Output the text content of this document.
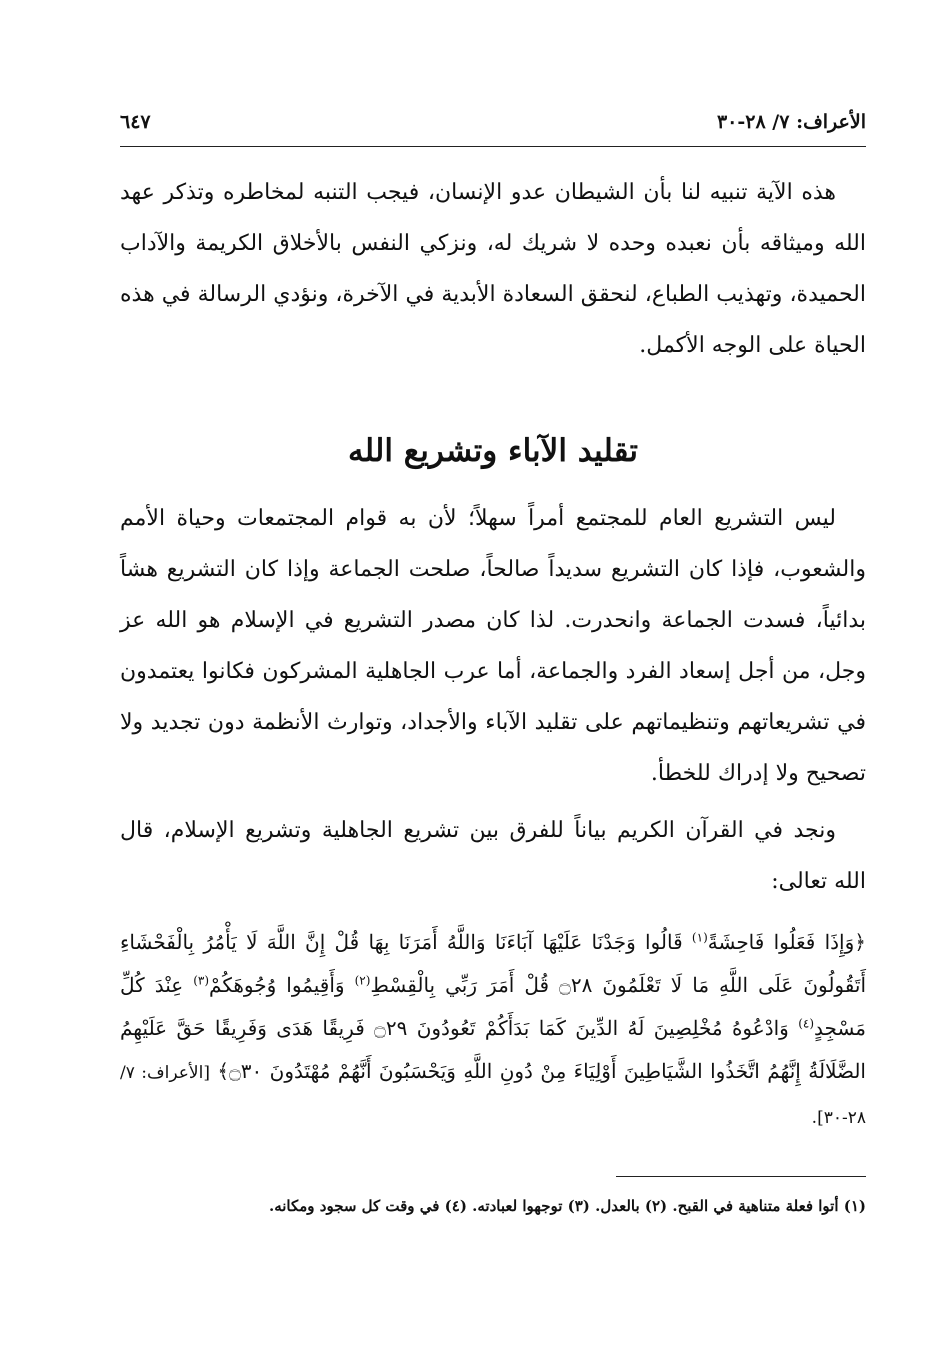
الأعراف: ٧/ ٢٨-٣٠
٦٤٧

هذه الآية تنبيه لنا بأن الشيطان عدو الإنسان، فيجب التنبه لمخاطره وتذكر عهد الله وميثاقه بأن نعبده وحده لا شريك له، ونزكي النفس بالأخلاق الكريمة والآداب الحميدة، وتهذيب الطباع، لنحقق السعادة الأبدية في الآخرة، ونؤدي الرسالة في هذه الحياة على الوجه الأكمل.

تقليد الآباء وتشريع الله

ليس التشريع العام للمجتمع أمراً سهلاً؛ لأن به قوام المجتمعات وحياة الأمم والشعوب، فإذا كان التشريع سديداً صالحاً، صلحت الجماعة وإذا كان التشريع هشاً بدائياً، فسدت الجماعة وانحدرت. لذا كان مصدر التشريع في الإسلام هو الله عز وجل، من أجل إسعاد الفرد والجماعة، أما عرب الجاهلية المشركون فكانوا يعتمدون في تشريعاتهم وتنظيماتهم على تقليد الآباء والأجداد، وتوارث الأنظمة دون تجديد ولا تصحيح ولا إدراك للخطأ.

ونجد في القرآن الكريم بياناً للفرق بين تشريع الجاهلية وتشريع الإسلام، قال الله تعالى:

﴿وَإِذَا فَعَلُوا فَاحِشَةً$^{(١)}$ قَالُوا وَجَدْنَا عَلَيْهَا آبَاءَنَا وَاللَّهُ أَمَرَنَا بِهَا قُلْ إِنَّ اللَّهَ لَا يَأْمُرُ بِالْفَحْشَاءِ أَتَقُولُونَ عَلَى اللَّهِ مَا لَا تَعْلَمُونَ ۝٢٨ قُلْ أَمَرَ رَبِّي بِالْقِسْطِ$^{(٢)}$ وَأَقِيمُوا وُجُوهَكُمْ$^{(٣)}$ عِنْدَ كُلِّ مَسْجِدٍ$^{(٤)}$ وَادْعُوهُ مُخْلِصِينَ لَهُ الدِّينَ كَمَا بَدَأَكُمْ تَعُودُونَ ۝٢٩ فَرِيقًا هَدَى وَفَرِيقًا حَقَّ عَلَيْهِمُ الضَّلَالَةُ إِنَّهُمُ اتَّخَذُوا الشَّيَاطِينَ أَوْلِيَاءَ مِنْ دُونِ اللَّهِ وَيَحْسَبُونَ أَنَّهُمْ مُهْتَدُونَ ۝٣٠﴾ [الأعراف: ٧/ ٢٨-٣٠].

(١) أتوا فعلة متناهية في القبح. (٢) بالعدل. (٣) توجهوا لعبادته. (٤) في وقت كل سجود ومكانه.
